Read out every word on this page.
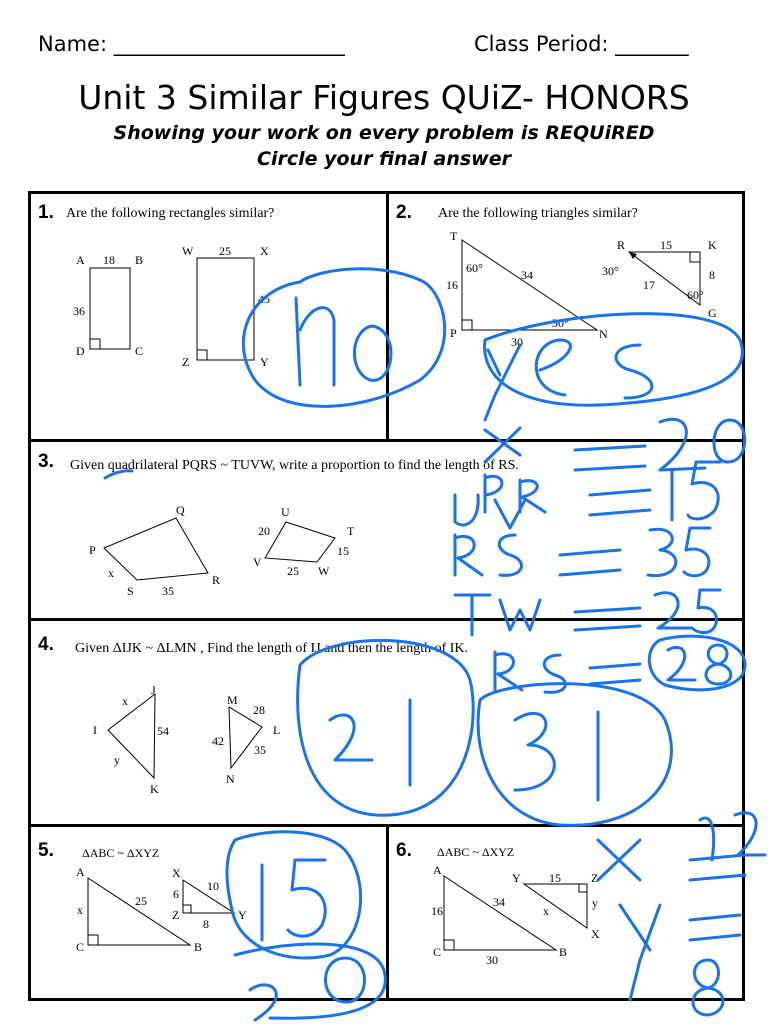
Name: ______________________	Class Period: _______
Unit 3 Similar Figures QUiZ- HONORS
Showing your work on every problem is REQUiRED
Circle your final answer
1. Are the following rectangles similar?	2. Are the following triangles similar?
3. Given quadrilateral PQRS ~ TUVW, write a proportion to find the length of RS.
4. Given ΔIJK ~ ΔLMN , Find the length of IJ and then the length of IK.
5. ΔABC ~ ΔXYZ	6. ΔABC ~ ΔXYZ
A 18 B
36
D	C
W 25 X
45
Z	Y
T
60°
16
34
30°
P
30
N
R	15	K
30°
17
8
60°
G
P
Q
R
S
x
35
U
20	T
15
V
25 W
J
x
I	54
y
K
M
28
L
42
35
N
A
x
25
C	B
X
6
10
Z
8
Y
A
16
34
C
30
B
Y 15	Z
y
x
X
